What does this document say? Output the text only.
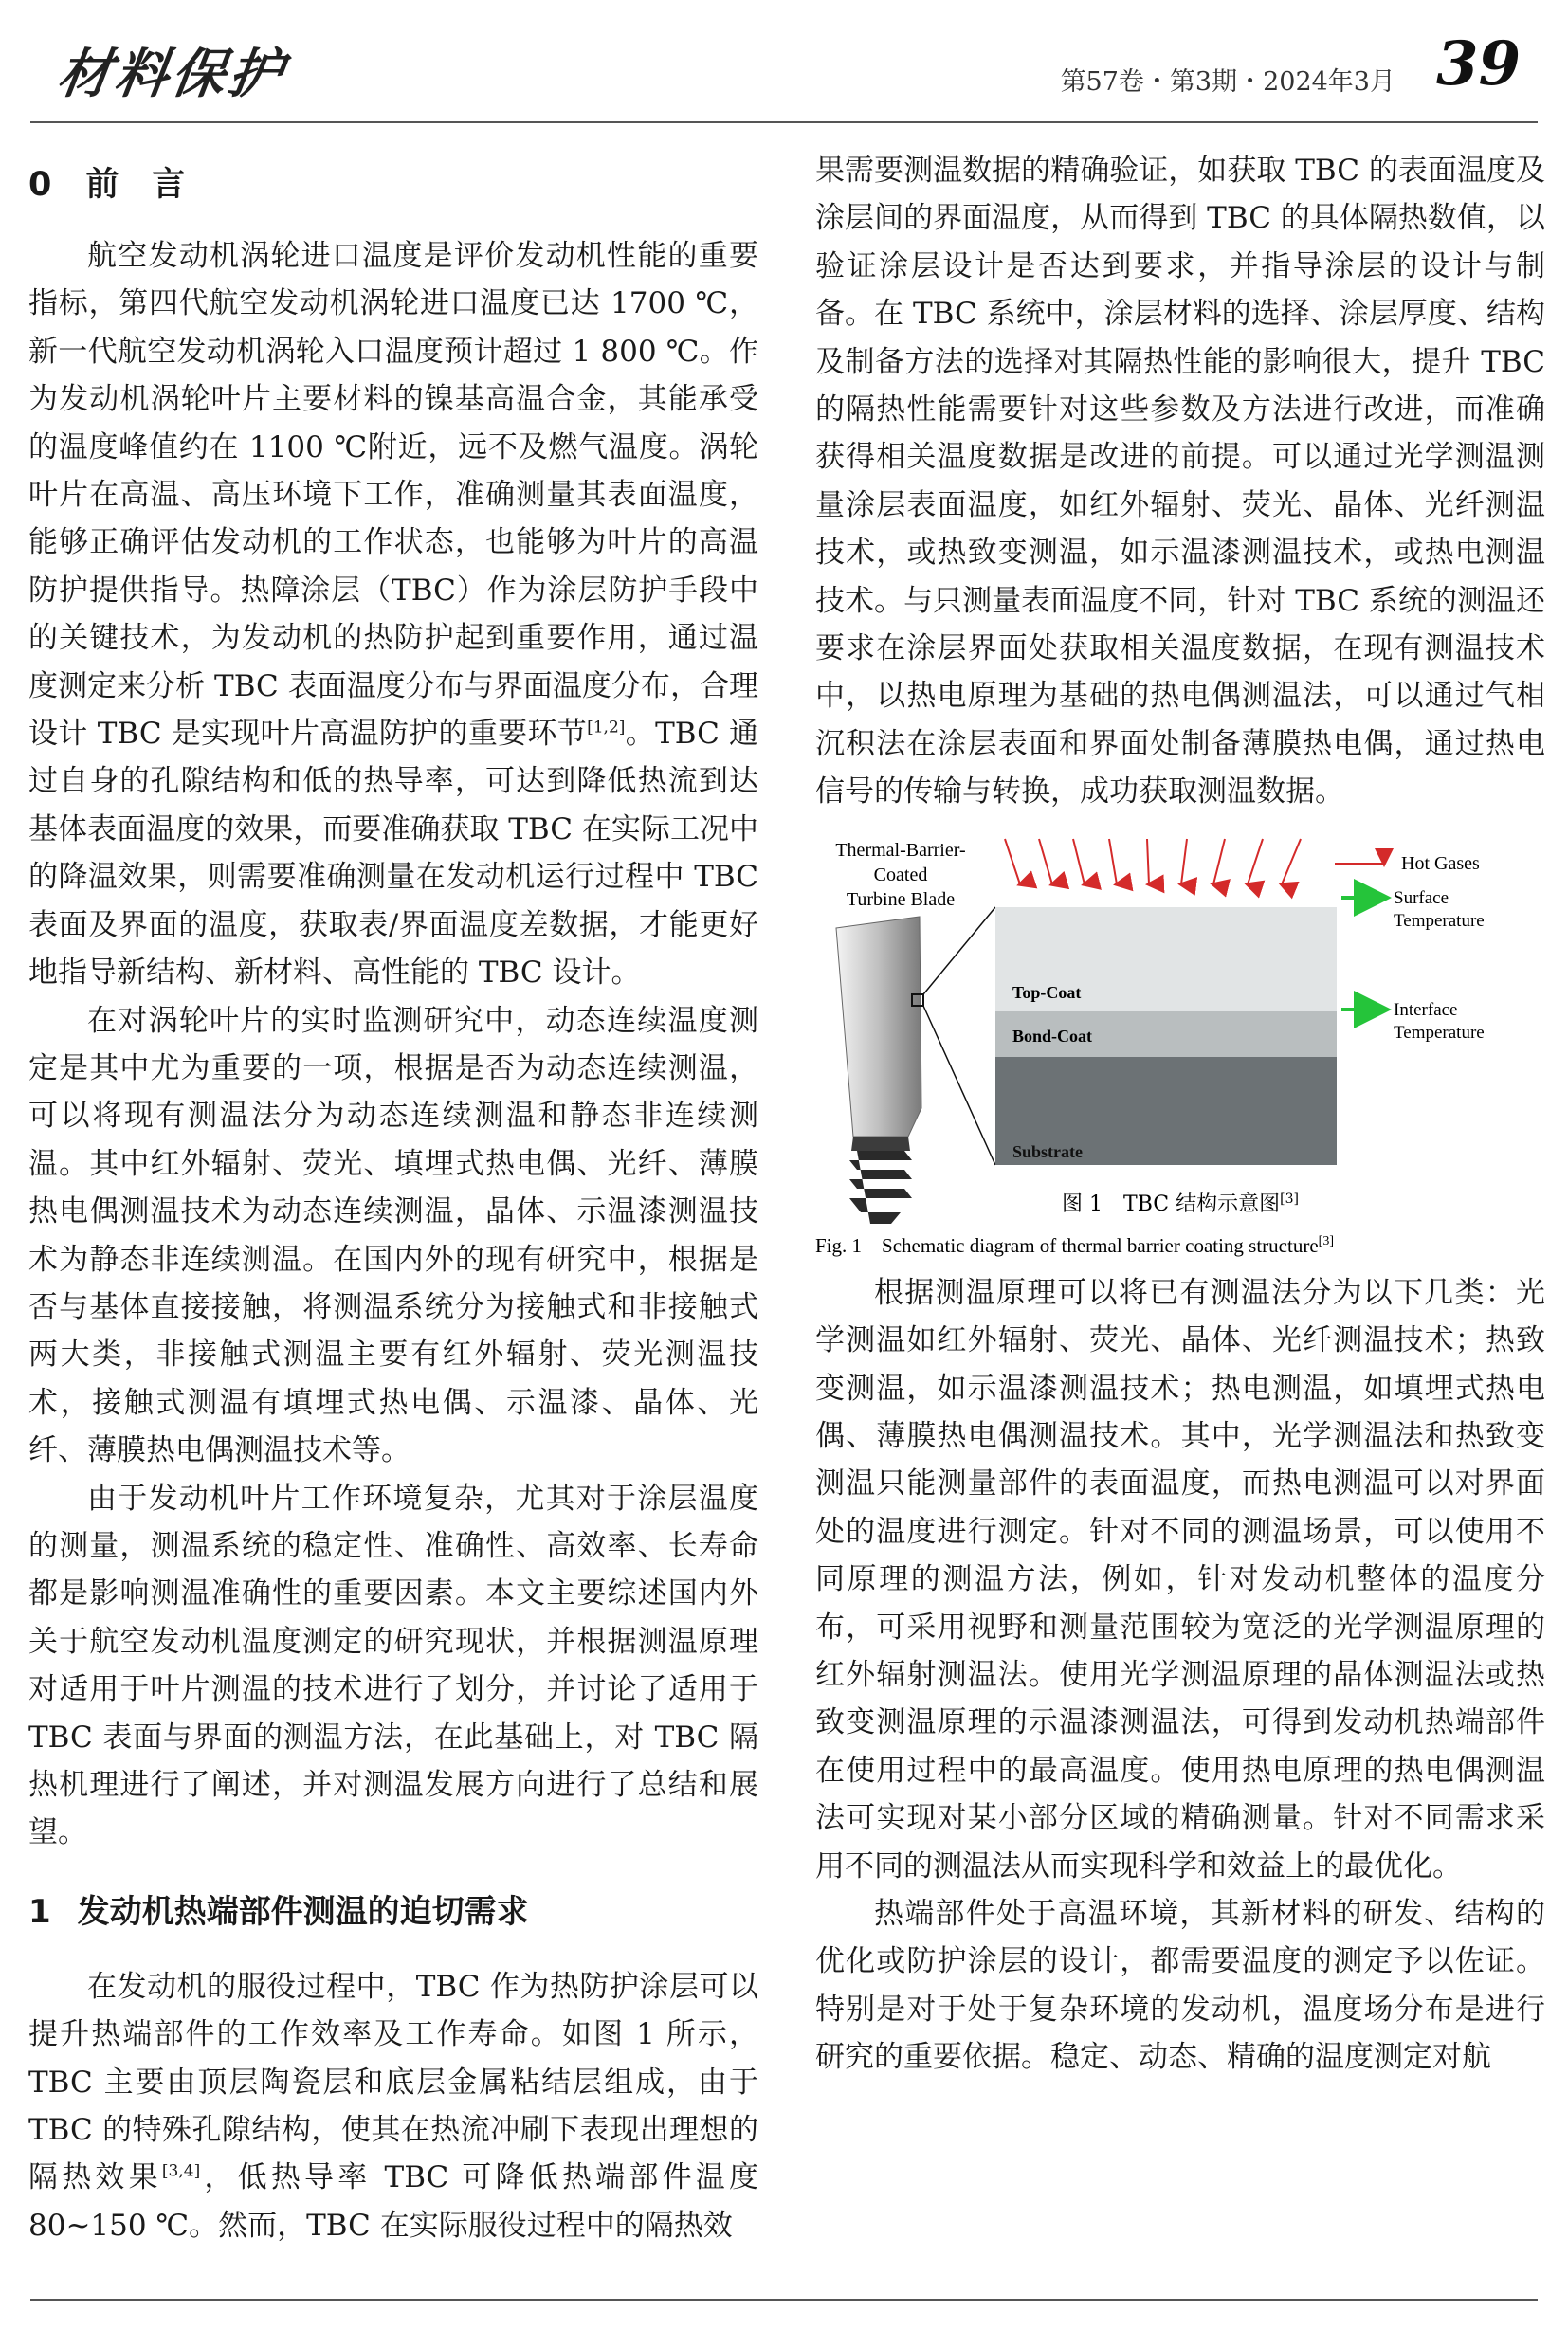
材料保护	第57卷・第3期・2024年3月 39
0 前　言

航空发动机涡轮进口温度是评价发动机性能的重要指标，第四代航空发动机涡轮进口温度已达 1700 ℃，新一代航空发动机涡轮入口温度预计超过 1 800 ℃。作为发动机涡轮叶片主要材料的镍基高温合金，其能承受的温度峰值约在 1100 ℃附近，远不及燃气温度。涡轮叶片在高温、高压环境下工作，准确测量其表面温度，能够正确评估发动机的工作状态，也能够为叶片的高温防护提供指导。热障涂层（TBC）作为涂层防护手段中的关键技术，为发动机的热防护起到重要作用，通过温度测定来分析 TBC 表面温度分布与界面温度分布，合理设计 TBC 是实现叶片高温防护的重要环节[1,2]。TBC 通过自身的孔隙结构和低的热导率，可达到降低热流到达基体表面温度的效果，而要准确获取 TBC 在实际工况中的降温效果，则需要准确测量在发动机运行过程中 TBC 表面及界面的温度，获取表/界面温度差数据，才能更好地指导新结构、新材料、高性能的 TBC 设计。

在对涡轮叶片的实时监测研究中，动态连续温度测定是其中尤为重要的一项，根据是否为动态连续测温，可以将现有测温法分为动态连续测温和静态非连续测温。其中红外辐射、荧光、填埋式热电偶、光纤、薄膜热电偶测温技术为动态连续测温，晶体、示温漆测温技术为静态非连续测温。在国内外的现有研究中，根据是否与基体直接接触，将测温系统分为接触式和非接触式两大类，非接触式测温主要有红外辐射、荧光测温技术，接触式测温有填埋式热电偶、示温漆、晶体、光纤、薄膜热电偶测温技术等。

由于发动机叶片工作环境复杂，尤其对于涂层温度的测量，测温系统的稳定性、准确性、高效率、长寿命都是影响测温准确性的重要因素。本文主要综述国内外关于航空发动机温度测定的研究现状，并根据测温原理对适用于叶片测温的技术进行了划分，并讨论了适用于 TBC 表面与界面的测温方法，在此基础上，对 TBC 隔热机理进行了阐述，并对测温发展方向进行了总结和展望。

1 发动机热端部件测温的迫切需求

在发动机的服役过程中，TBC 作为热防护涂层可以提升热端部件的工作效率及工作寿命。如图 1 所示，TBC 主要由顶层陶瓷层和底层金属粘结层组成，由于 TBC 的特殊孔隙结构，使其在热流冲刷下表现出理想的隔热效果[3,4]，低热导率 TBC 可降低热端部件温度 80~150 ℃。然而，TBC 在实际服役过程中的隔热效

果需要测温数据的精确验证，如获取 TBC 的表面温度及涂层间的界面温度，从而得到 TBC 的具体隔热数值，以验证涂层设计是否达到要求，并指导涂层的设计与制备。在 TBC 系统中，涂层材料的选择、涂层厚度、结构及制备方法的选择对其隔热性能的影响很大，提升 TBC 的隔热性能需要针对这些参数及方法进行改进，而准确获得相关温度数据是改进的前提。可以通过光学测温测量涂层表面温度，如红外辐射、荧光、晶体、光纤测温技术，或热致变测温，如示温漆测温技术，或热电测温技术。与只测量表面温度不同，针对 TBC 系统的测温还要求在涂层界面处获取相关温度数据，在现有测温技术中，以热电原理为基础的热电偶测温法，可以通过气相沉积法在涂层表面和界面处制备薄膜热电偶，通过热电信号的传输与转换，成功获取测温数据。

Thermal-Barrier-
Coated
Turbine Blade
Top-Coat
Bond-Coat
Substrate
Hot Gases
Surface
Temperature
Interface
Temperature
图 1　TBC 结构示意图[3]
Fig. 1　Schematic diagram of thermal barrier coating structure[3]

根据测温原理可以将已有测温法分为以下几类：光学测温如红外辐射、荧光、晶体、光纤测温技术；热致变测温，如示温漆测温技术；热电测温，如填埋式热电偶、薄膜热电偶测温技术。其中，光学测温法和热致变测温只能测量部件的表面温度，而热电测温可以对界面处的温度进行测定。针对不同的测温场景，可以使用不同原理的测温方法，例如，针对发动机整体的温度分布，可采用视野和测量范围较为宽泛的光学测温原理的红外辐射测温法。使用光学测温原理的晶体测温法或热致变测温原理的示温漆测温法，可得到发动机热端部件在使用过程中的最高温度。使用热电原理的热电偶测温法可实现对某小部分区域的精确测量。针对不同需求采用不同的测温法从而实现科学和效益上的最优化。

热端部件处于高温环境，其新材料的研发、结构的优化或防护涂层的设计，都需要温度的测定予以佐证。特别是对于处于复杂环境的发动机，温度场分布是进行研究的重要依据。稳定、动态、精确的温度测定对航
